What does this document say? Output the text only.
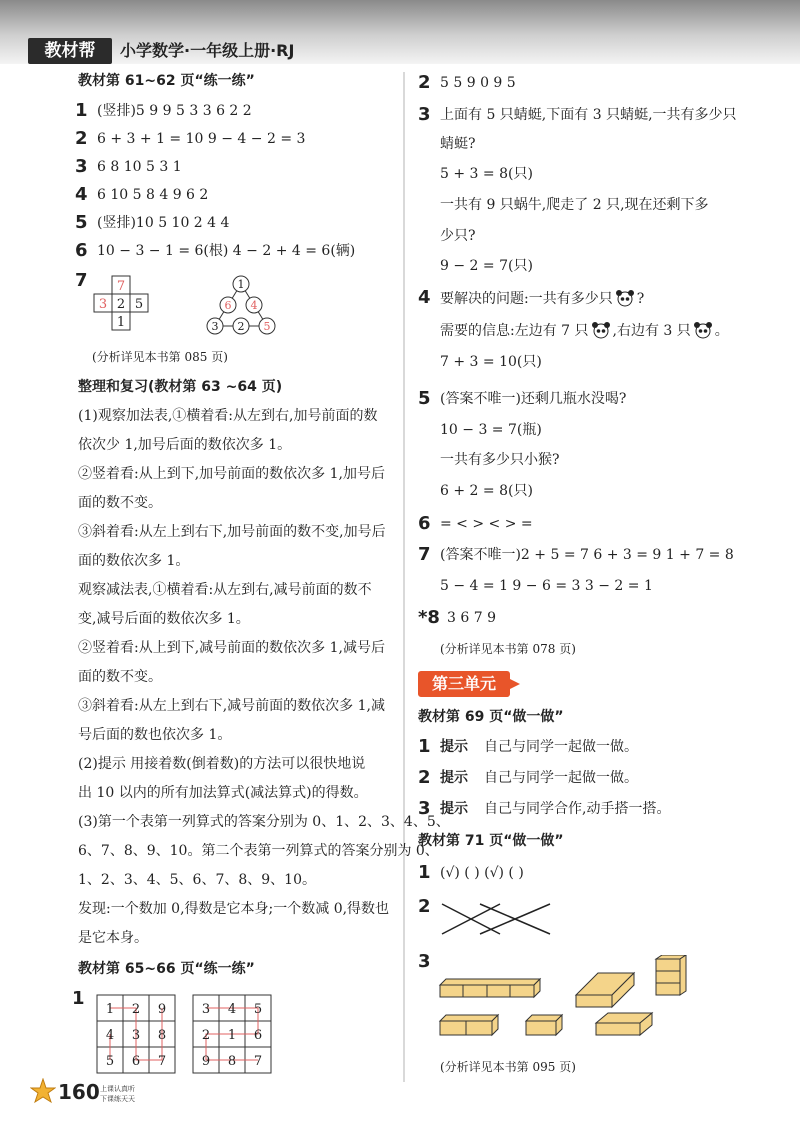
教材帮	小学数学·一年级上册·RJ
教材第 61~62 页“练一练”
1 (竖排)5 9 9 5 3 3 6 2 2
2 6 + 3 + 1 = 10 9 − 4 − 2 = 3
3 6 8 10 5 3 1
4 6 10 5 8 4 9 6 2
5 (竖排)10 5 10 2 4 4
6 10 − 3 − 1 = 6(根) 4 − 2 + 4 = 6(辆)
7 7
3 2 5
1
1
6 4
3 2 5
(分析详见本书第 085 页)
整理和复习(教材第 63 ~64 页)
(1)观察加法表,①横着看:从左到右,加号前面的数
依次少 1,加号后面的数依次多 1。
②竖着看:从上到下,加号前面的数依次多 1,加号后
面的数不变。
③斜着看:从左上到右下,加号前面的数不变,加号后
面的数依次多 1。
观察减法表,①横着看:从左到右,减号前面的数不
变,减号后面的数依次多 1。
②竖着看:从上到下,减号前面的数依次多 1,减号后
面的数不变。
③斜着看:从左上到右下,减号前面的数依次多 1,减
号后面的数也依次多 1。
(2)提示 用接着数(倒着数)的方法可以很快地说
出 10 以内的所有加法算式(减法算式)的得数。
(3)第一个表第一列算式的答案分别为 0、1、2、3、4、5、
6、7、8、9、10。第二个表第一列算式的答案分别为 0、
1、2、3、4、5、6、7、8、9、10。
发现:一个数加 0,得数是它本身;一个数减 0,得数也
是它本身。
教材第 65~66 页“练一练”
1
1 2 9
4 3 8
5 6 7
3 4 5
2 1 6
9 8 7
2 5 5 9 0 9 5
3 上面有 5 只蜻蜓,下面有 3 只蜻蜓,一共有多少只
蜻蜓?
5 + 3 = 8(只)
一共有 9 只蜗牛,爬走了 2 只,现在还剩下多
少只?
9 − 2 = 7(只)
4 要解决的问题:一共有多少只 ?
需要的信息:左边有 7 只 ,右边有 3 只 。
7 + 3 = 10(只)
5 (答案不唯一)还剩几瓶水没喝?
10 − 3 = 7(瓶)
一共有多少只小猴?
6 + 2 = 8(只)
6 = < > < > =
7 (答案不唯一)2 + 5 = 7 6 + 3 = 9 1 + 7 = 8
5 − 4 = 1 9 − 6 = 3 3 − 2 = 1
*8 3 6 7 9
(分析详见本书第 078 页)
第三单元
教材第 69 页“做一做”
1 提示 自己与同学一起做一做。
2 提示 自己与同学一起做一做。
3 提示 自己与同学合作,动手搭一搭。
教材第 71 页“做一做”
1 (√) ( ) (√) ( )
2
3
(分析详见本书第 095 页)
160 上课认真听
下课练天天
